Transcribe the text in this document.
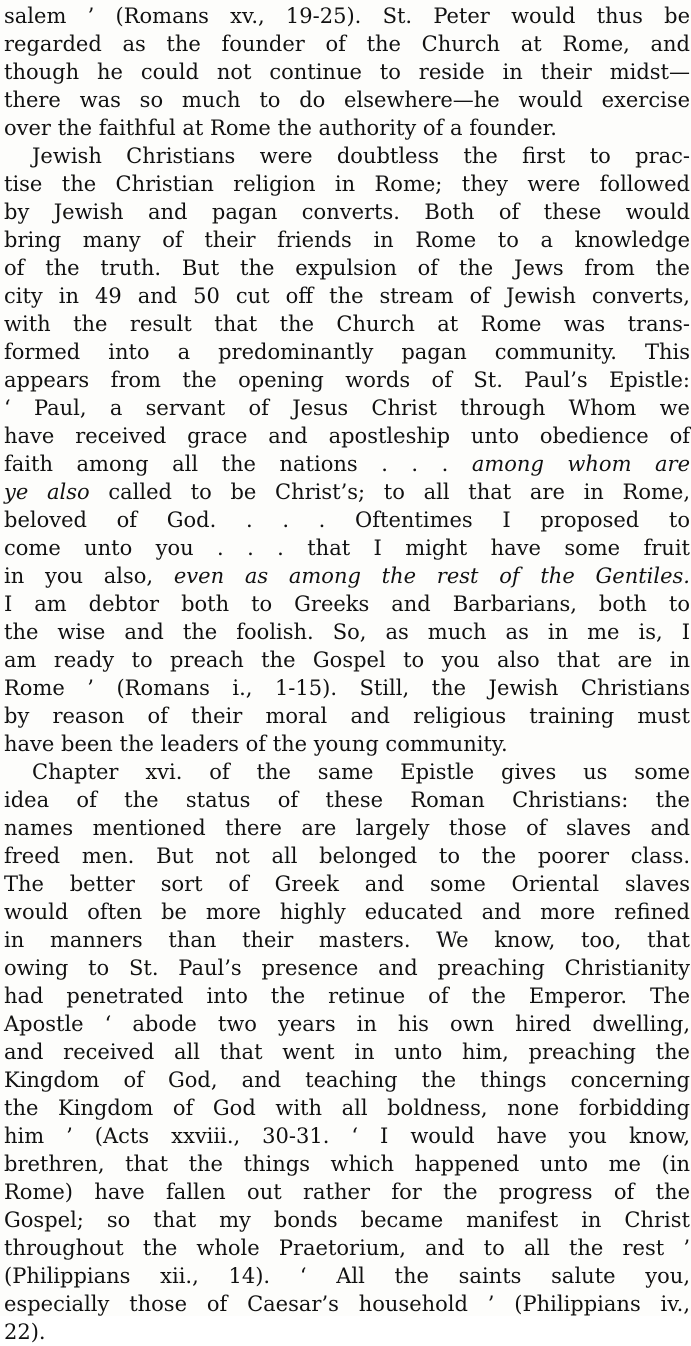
salem ’ (Romans xv., 19-25). St. Peter would thus be
regarded as the founder of the Church at Rome, and
though he could not continue to reside in their midst—
there was so much to do elsewhere—he would exercise
over the faithful at Rome the authority of a founder.
Jewish Christians were doubtless the first to prac-
tise the Christian religion in Rome; they were followed
by Jewish and pagan converts. Both of these would
bring many of their friends in Rome to a knowledge
of the truth. But the expulsion of the Jews from the
city in 49 and 50 cut off the stream of Jewish converts,
with the result that the Church at Rome was trans-
formed into a predominantly pagan community. This
appears from the opening words of St. Paul’s Epistle:
‘ Paul, a servant of Jesus Christ through Whom we
have received grace and apostleship unto obedience of
faith among all the nations . . . among whom are
ye also called to be Christ’s; to all that are in Rome,
beloved of God. . . . Oftentimes I proposed to
come unto you . . . that I might have some fruit
in you also, even as among the rest of the Gentiles.
I am debtor both to Greeks and Barbarians, both to
the wise and the foolish. So, as much as in me is, I
am ready to preach the Gospel to you also that are in
Rome ’ (Romans i., 1-15). Still, the Jewish Christians
by reason of their moral and religious training must
have been the leaders of the young community.
Chapter xvi. of the same Epistle gives us some
idea of the status of these Roman Christians: the
names mentioned there are largely those of slaves and
freed men. But not all belonged to the poorer class.
The better sort of Greek and some Oriental slaves
would often be more highly educated and more refined
in manners than their masters. We know, too, that
owing to St. Paul’s presence and preaching Christianity
had penetrated into the retinue of the Emperor. The
Apostle ‘ abode two years in his own hired dwelling,
and received all that went in unto him, preaching the
Kingdom of God, and teaching the things concerning
the Kingdom of God with all boldness, none forbidding
him ’ (Acts xxviii., 30-31. ‘ I would have you know,
brethren, that the things which happened unto me (in
Rome) have fallen out rather for the progress of the
Gospel; so that my bonds became manifest in Christ
throughout the whole Praetorium, and to all the rest ’
(Philippians xii., 14). ‘ All the saints salute you,
especially those of Caesar’s household ’ (Philippians iv.,
22).
